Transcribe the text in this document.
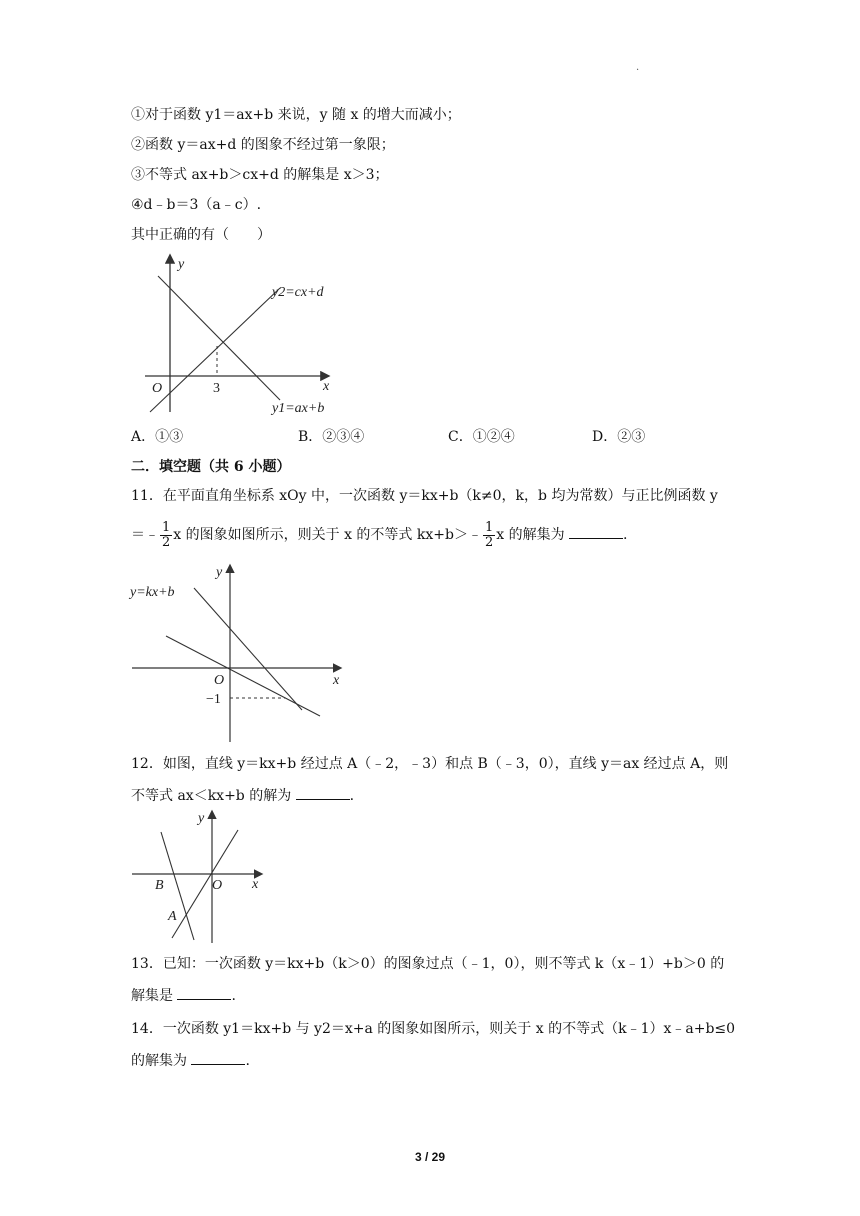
.
①对于函数 y1＝ax+b 来说，y 随 x 的增大而减小；
②函数 y＝ax+d 的图象不经过第一象限；
③不等式 ax+b＞cx+d 的解集是 x＞3；
④d﹣b＝3（a﹣c）.
其中正确的有（　　）
y
x
O	3
y2=cx+d
y1=ax+b
A．①③	B．②③④	C．①②④	D．②③
二．填空题（共 6 小题）
11．在平面直角坐标系 xOy 中，一次函数 y＝kx+b（k≠0，k，b 均为常数）与正比例函数 y
＝﹣ $\frac{1}{2}$ x 的图象如图所示，则关于 x 的不等式 kx+b＞﹣ $\frac{1}{2}$ x 的解集为	.
y=kx+b
y
x
O
−1
12．如图，直线 y＝kx+b 经过点 A（﹣2，﹣3）和点 B（﹣3，0），直线 y＝ax 经过点 A，则
不等式 ax＜kx+b 的解为	.
y
x
O
B
A
13．已知：一次函数 y＝kx+b（k＞0）的图象过点（﹣1，0），则不等式 k（x﹣1）+b＞0 的
解集是	.
14．一次函数 y1＝kx+b 与 y2＝x+a 的图象如图所示，则关于 x 的不等式（k﹣1）x﹣a+b≤0
的解集为	.
3 / 29
